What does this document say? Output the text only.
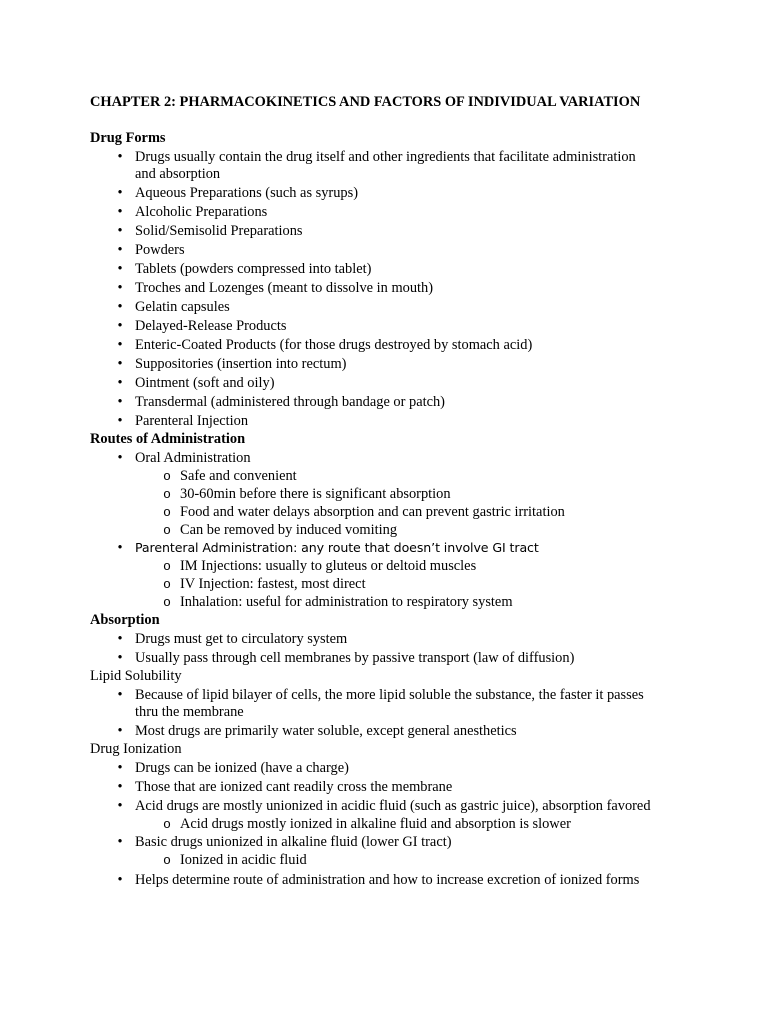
CHAPTER 2: PHARMACOKINETICS AND FACTORS OF INDIVIDUAL VARIATION
Drug Forms
• Drugs usually contain the drug itself and other ingredients that facilitate administration
and absorption
• Aqueous Preparations (such as syrups)
• Alcoholic Preparations
• Solid/Semisolid Preparations
• Powders
• Tablets (powders compressed into tablet)
• Troches and Lozenges (meant to dissolve in mouth)
• Gelatin capsules
• Delayed-Release Products
• Enteric-Coated Products (for those drugs destroyed by stomach acid)
• Suppositories (insertion into rectum)
• Ointment (soft and oily)
• Transdermal (administered through bandage or patch)
• Parenteral Injection
Routes of Administration
• Oral Administration
o Safe and convenient
o 30-60min before there is significant absorption
o Food and water delays absorption and can prevent gastric irritation
o Can be removed by induced vomiting
• Parenteral Administration: any route that doesn’t involve GI tract
o IM Injections: usually to gluteus or deltoid muscles
o IV Injection: fastest, most direct
o Inhalation: useful for administration to respiratory system
Absorption
• Drugs must get to circulatory system
• Usually pass through cell membranes by passive transport (law of diffusion)
Lipid Solubility
• Because of lipid bilayer of cells, the more lipid soluble the substance, the faster it passes
thru the membrane
• Most drugs are primarily water soluble, except general anesthetics
Drug Ionization
• Drugs can be ionized (have a charge)
• Those that are ionized cant readily cross the membrane
• Acid drugs are mostly unionized in acidic fluid (such as gastric juice), absorption favored
o Acid drugs mostly ionized in alkaline fluid and absorption is slower
• Basic drugs unionized in alkaline fluid (lower GI tract)
o Ionized in acidic fluid
• Helps determine route of administration and how to increase excretion of ionized forms
